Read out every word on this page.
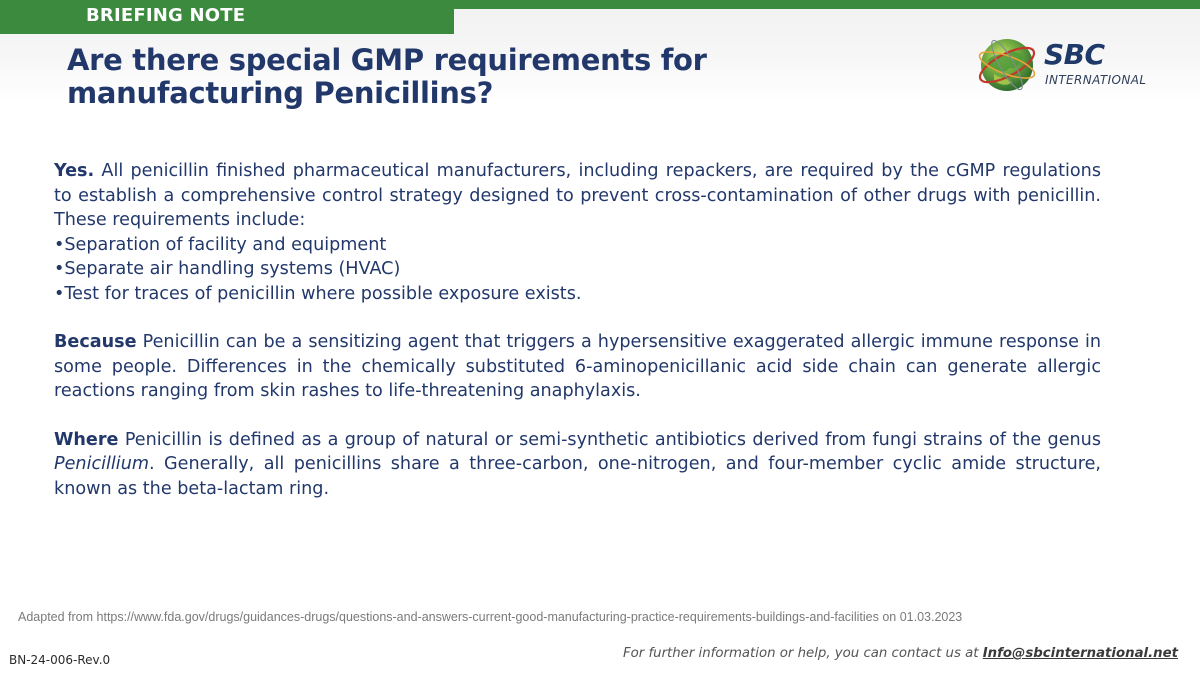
BRIEFING NOTE
Are there special GMP requirements for manufacturing Penicillins?
SBC
INTERNATIONAL

Yes. All penicillin finished pharmaceutical manufacturers, including repackers, are required by the cGMP regulations to establish a comprehensive control strategy designed to prevent cross-contamination of other drugs with penicillin. These requirements include:
•Separation of facility and equipment
•Separate air handling systems (HVAC)
•Test for traces of penicillin where possible exposure exists.

Because Penicillin can be a sensitizing agent that triggers a hypersensitive exaggerated allergic immune response in some people. Differences in the chemically substituted 6-aminopenicillanic acid side chain can generate allergic reactions ranging from skin rashes to life-threatening anaphylaxis.

Where Penicillin is defined as a group of natural or semi-synthetic antibiotics derived from fungi strains of the genus Penicillium. Generally, all penicillins share a three-carbon, one-nitrogen, and four-member cyclic amide structure, known as the beta-lactam ring.

Adapted from https://www.fda.gov/drugs/guidances-drugs/questions-and-answers-current-good-manufacturing-practice-requirements-buildings-and-facilities on 01.03.2023
BN-24-006-Rev.0	For further information or help, you can contact us at Info@sbcinternational.net
